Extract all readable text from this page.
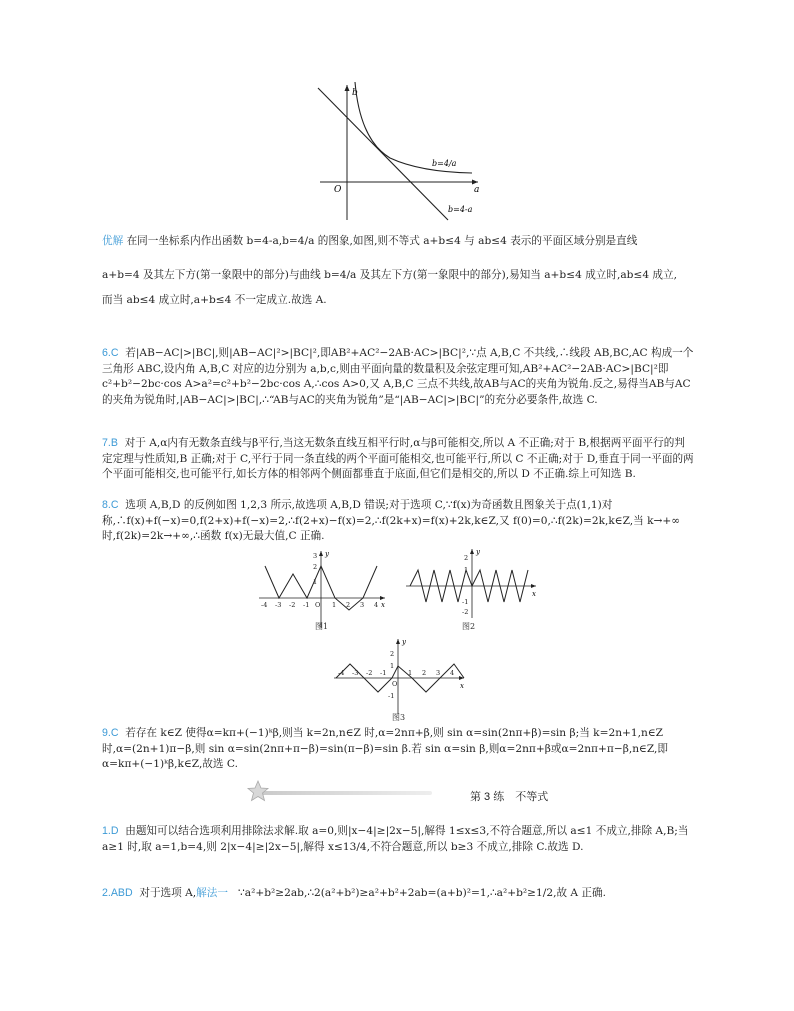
b
a
O
b=4/a
b=4-a

优解 在同一坐标系内作出函数 b=4-a,b=4/a 的图象,如图,则不等式 a+b≤4 与 ab≤4 表示的平面区域分别是直线

a+b=4 及其左下方(第一象限中的部分)与曲线 b=4/a 及其左下方(第一象限中的部分),易知当 a+b≤4 成立时,ab≤4 成立,

而当 ab≤4 成立时,a+b≤4 不一定成立.故选 A.

6.C 若|AB−AC|>|BC|,则|AB−AC|²>|BC|²,即AB²+AC²−2AB·AC>|BC|²,∵点 A,B,C 不共线,∴线段 AB,BC,AC 构成一个三角形 ABC,设内角 A,B,C 对应的边分别为 a,b,c,则由平面向量的数量积及余弦定理可知,AB²+AC²−2AB·AC>|BC|²即 c²+b²−2bc·cos A>a²=c²+b²−2bc·cos A,∴cos A>0,又 A,B,C 三点不共线,故AB与AC的夹角为锐角.反之,易得当AB与AC的夹角为锐角时,|AB−AC|>|BC|,∴“AB与AC的夹角为锐角”是“|AB−AC|>|BC|”的充分必要条件,故选 C.

7.B 对于 A,α内有无数条直线与β平行,当这无数条直线互相平行时,α与β可能相交,所以 A 不正确;对于 B,根据两平面平行的判定定理与性质知,B 正确;对于 C,平行于同一条直线的两个平面可能相交,也可能平行,所以 C 不正确;对于 D,垂直于同一平面的两个平面可能相交,也可能平行,如长方体的相邻两个侧面都垂直于底面,但它们是相交的,所以 D 不正确.综上可知选 B.

8.C 选项 A,B,D 的反例如图 1,2,3 所示,故选项 A,B,D 错误;对于选项 C,∵f(x)为奇函数且图象关于点(1,1)对称,∴f(x)+f(−x)=0,f(2+x)+f(−x)=2,∴f(2+x)−f(x)=2,∴f(2k+x)=f(x)+2k,k∈Z,又 f(0)=0,∴f(2k)=2k,k∈Z,当 k→+∞时,f(2k)=2k→+∞,∴函数 f(x)无最大值,C 正确.

y
x
-4 -3 -2 -1 O 1 2 3 4
3
2
1
图1
y
x
2
1
-1
-2
图2
y
x
-4 -3 -2 -1
O
1 2 3 4
2
1
-1
图3

9.C 若存在 k∈Z 使得α=kπ+(−1)ᵏβ,则当 k=2n,n∈Z 时,α=2nπ+β,则 sin α=sin(2nπ+β)=sin β;当 k=2n+1,n∈Z 时,α=(2n+1)π−β,则 sin α=sin(2nπ+π−β)=sin(π−β)=sin β.若 sin α=sin β,则α=2nπ+β或α=2nπ+π−β,n∈Z,即α=kπ+(−1)ᵏβ,k∈Z,故选 C.

第 3 练　不等式

1.D 由题知可以结合选项利用排除法求解.取 a=0,则|x−4|≥|2x−5|,解得 1≤x≤3,不符合题意,所以 a≤1 不成立,排除 A,B;当 a≥1 时,取 a=1,b=4,则 2|x−4|≥|2x−5|,解得 x≤13/4,不符合题意,所以 b≥3 不成立,排除 C.故选 D.

2.ABD 对于选项 A,解法一 ∵a²+b²≥2ab,∴2(a²+b²)≥a²+b²+2ab=(a+b)²=1,∴a²+b²≥1/2,故 A 正确.
